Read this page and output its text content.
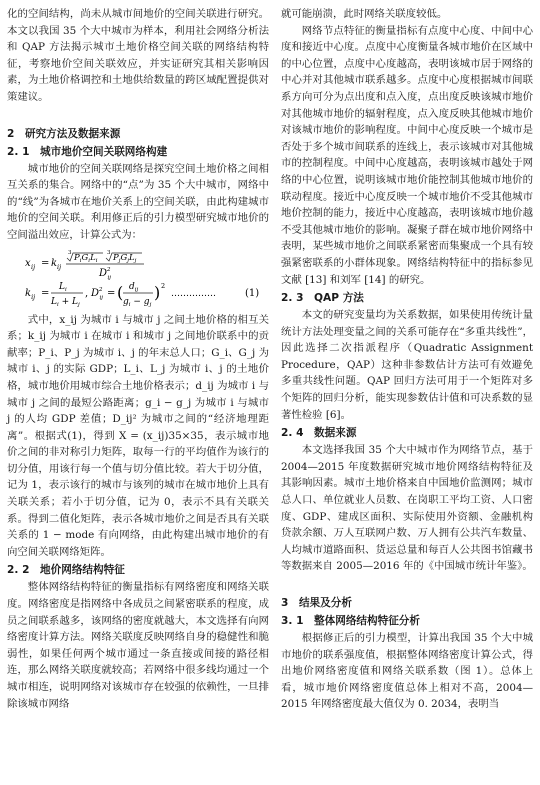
化的空间结构，尚未从城市间地价的空间关联进行研究。本文以我国 35 个大中城市为样本，利用社会网络分析法和 QAP 方法揭示城市土地价格空间关联的网络结构特征，考察地价空间关联效应，并实证研究其相关影响因素，为土地价格调控和土地供给数量的跨区域配置提供对策建议。

2　研究方法及数据来源
2. 1　城市地价空间关联网络构建

城市地价的空间关联网络是探究空间土地价格之间相互关系的集合。网络中的“点”为 35 个大中城市，网络中的“线”为各城市在地价关系上的空间关联，由此构建城市地价的空间关联。利用修正后的引力模型研究城市地价的空间溢出效应，计算公式为：

x ij = k ij
3 $P_iG_iL_i$
3 $P_jG_jL_j$
$D^2$ ij
$k_{ij}$ =
$L_i$
$L_i + L_j$
, $D^2$ ij = ( $d_{ij}$
$g_i - g_j$
) 2
……………	(1)

式中，x_ij 为城市 i 与城市 j 之间土地价格的相互关系；k_ij 为城市 i 在城市 i 和城市 j 之间地价联系中的贡献率；P_i、P_j 为城市 i、j 的年末总人口；G_i、G_j 为城市 i、j 的实际 GDP；L_i、L_j 为城市 i、j 的土地价格，城市地价用城市综合土地价格表示；d_ij 为城市 i 与城市 j 之间的最短公路距离；g_i − g_j 为城市 i 与城市 j 的人均 GDP 差值；D_ij² 为城市之间的“经济地理距离”。根据式(1)，得到 X = (x_ij)35×35，表示城市地价之间的非对称引力矩阵，取每一行的平均值作为该行的切分值，用该行每一个值与切分值比较。若大于切分值，记为 1，表示该行的城市与该列的城市在城市地价上具有关联关系；若小于切分值，记为 0，表示不具有关联关系。得到二值化矩阵，表示各城市地价之间是否具有关联关系的 1 − mode 有向网络，由此构建出城市地价的有向空间关联网络矩阵。

2. 2　地价网络结构特征

整体网络结构特征的衡量指标有网络密度和网络关联度。网络密度是指网络中各成员之间紧密联系的程度，成员之间联系越多，该网络的密度就越大，本文选择有向网络密度计算方法。网络关联度反映网络自身的稳健性和脆弱性，如果任何两个城市通过一条直接或间接的路径相连，那么网络关联度就较高；若网络中很多线均通过一个城市相连，说明网络对该城市存在较强的依赖性，一旦排除该城市网络

就可能崩溃，此时网络关联度较低。

网络节点特征的衡量指标有点度中心度、中间中心度和接近中心度。点度中心度衡量各城市地价在区域中的中心位置，点度中心度越高，表明该城市居于网络的中心并对其他城市联系越多。点度中心度根据城市间联系方向可分为点出度和点入度，点出度反映该城市地价对其他城市地价的辐射程度，点入度反映其他城市地价对该城市地价的影响程度。中间中心度反映一个城市是否处于多个城市间联系的连线上，表示该城市对其他城市的控制程度。中间中心度越高，表明该城市越处于网络的中心位置，说明该城市地价能控制其他城市地价的联动程度。接近中心度反映一个城市地价不受其他城市地价控制的能力，接近中心度越高，表明该城市地价越不受其他城市地价的影响。凝聚子群在城市地价网络中表明，某些城市地价之间联系紧密而集聚成一个具有较强紧密联系的小群体现象。网络结构特征中的指标参见文献 [13] 和刘军 [14] 的研究。

2. 3　QAP 方法

本文的研究变量均为关系数据，如果使用传统计量统计方法处理变量之间的关系可能存在“多重共线性”，因此选择二次指派程序（Quadratic Assignment Procedure，QAP）这种非参数估计方法可有效避免多重共线性问题。QAP 回归方法可用于一个矩阵对多个矩阵的回归分析，能实现参数估计值和可决系数的显著性检验 [6]。

2. 4　数据来源

本文选择我国 35 个大中城市作为网络节点，基于 2004—2015 年度数据研究城市地价网络结构特征及其影响因素。城市土地价格来自中国地价监测网；城市总人口、单位就业人员数、在岗职工平均工资、人口密度、GDP、建成区面积、实际使用外资额、金融机构贷款余额、万人互联网户数、万人拥有公共汽车数量、人均城市道路面积、货运总量和每百人公共图书馆藏书等数据来自 2005—2016 年的《中国城市统计年鉴》。

3　结果及分析
3. 1　整体网络结构特征分析

根据修正后的引力模型，计算出我国 35 个大中城市地价的联系强度值，根据整体网络密度计算公式，得出地价网络密度值和网络关联系数（图 1）。总体上看，城市地价网络密度值总体上相对不高，2004—2015 年网络密度最大值仅为 0. 2034，表明当
